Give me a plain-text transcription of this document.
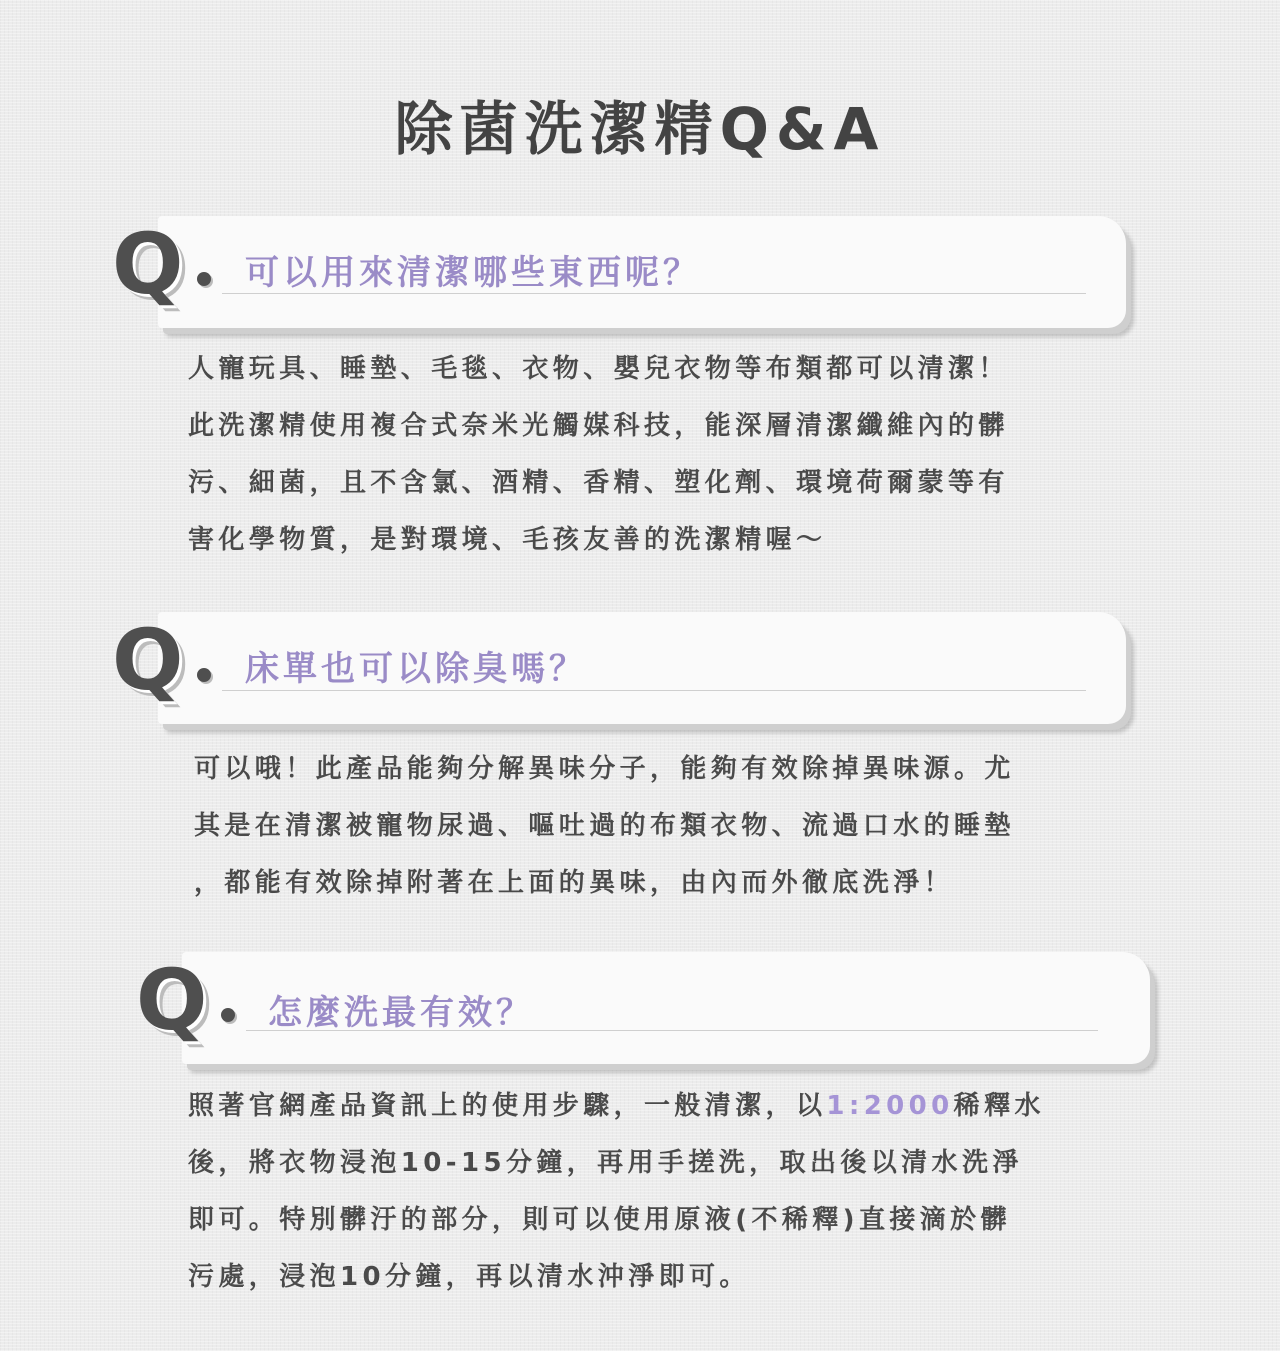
除菌洗潔精Q&A
Q 可以用來清潔哪些東西呢？
人寵玩具、睡墊、毛毯、衣物、嬰兒衣物等布類都可以清潔！
此洗潔精使用複合式奈米光觸媒科技，能深層清潔纖維內的髒
污、細菌，且不含氯、酒精、香精、塑化劑、環境荷爾蒙等有
害化學物質，是對環境、毛孩友善的洗潔精喔～
Q 床單也可以除臭嗎？
可以哦！此產品能夠分解異味分子，能夠有效除掉異味源。尤
其是在清潔被寵物尿過、嘔吐過的布類衣物、流過口水的睡墊
，都能有效除掉附著在上面的異味，由內而外徹底洗淨！
Q 怎麼洗最有效？
照著官網產品資訊上的使用步驟，一般清潔，以1:2000稀釋水
後，將衣物浸泡10-15分鐘，再用手搓洗，取出後以清水洗淨
即可。特別髒汙的部分，則可以使用原液(不稀釋)直接滴於髒
污處，浸泡10分鐘，再以清水沖淨即可。
